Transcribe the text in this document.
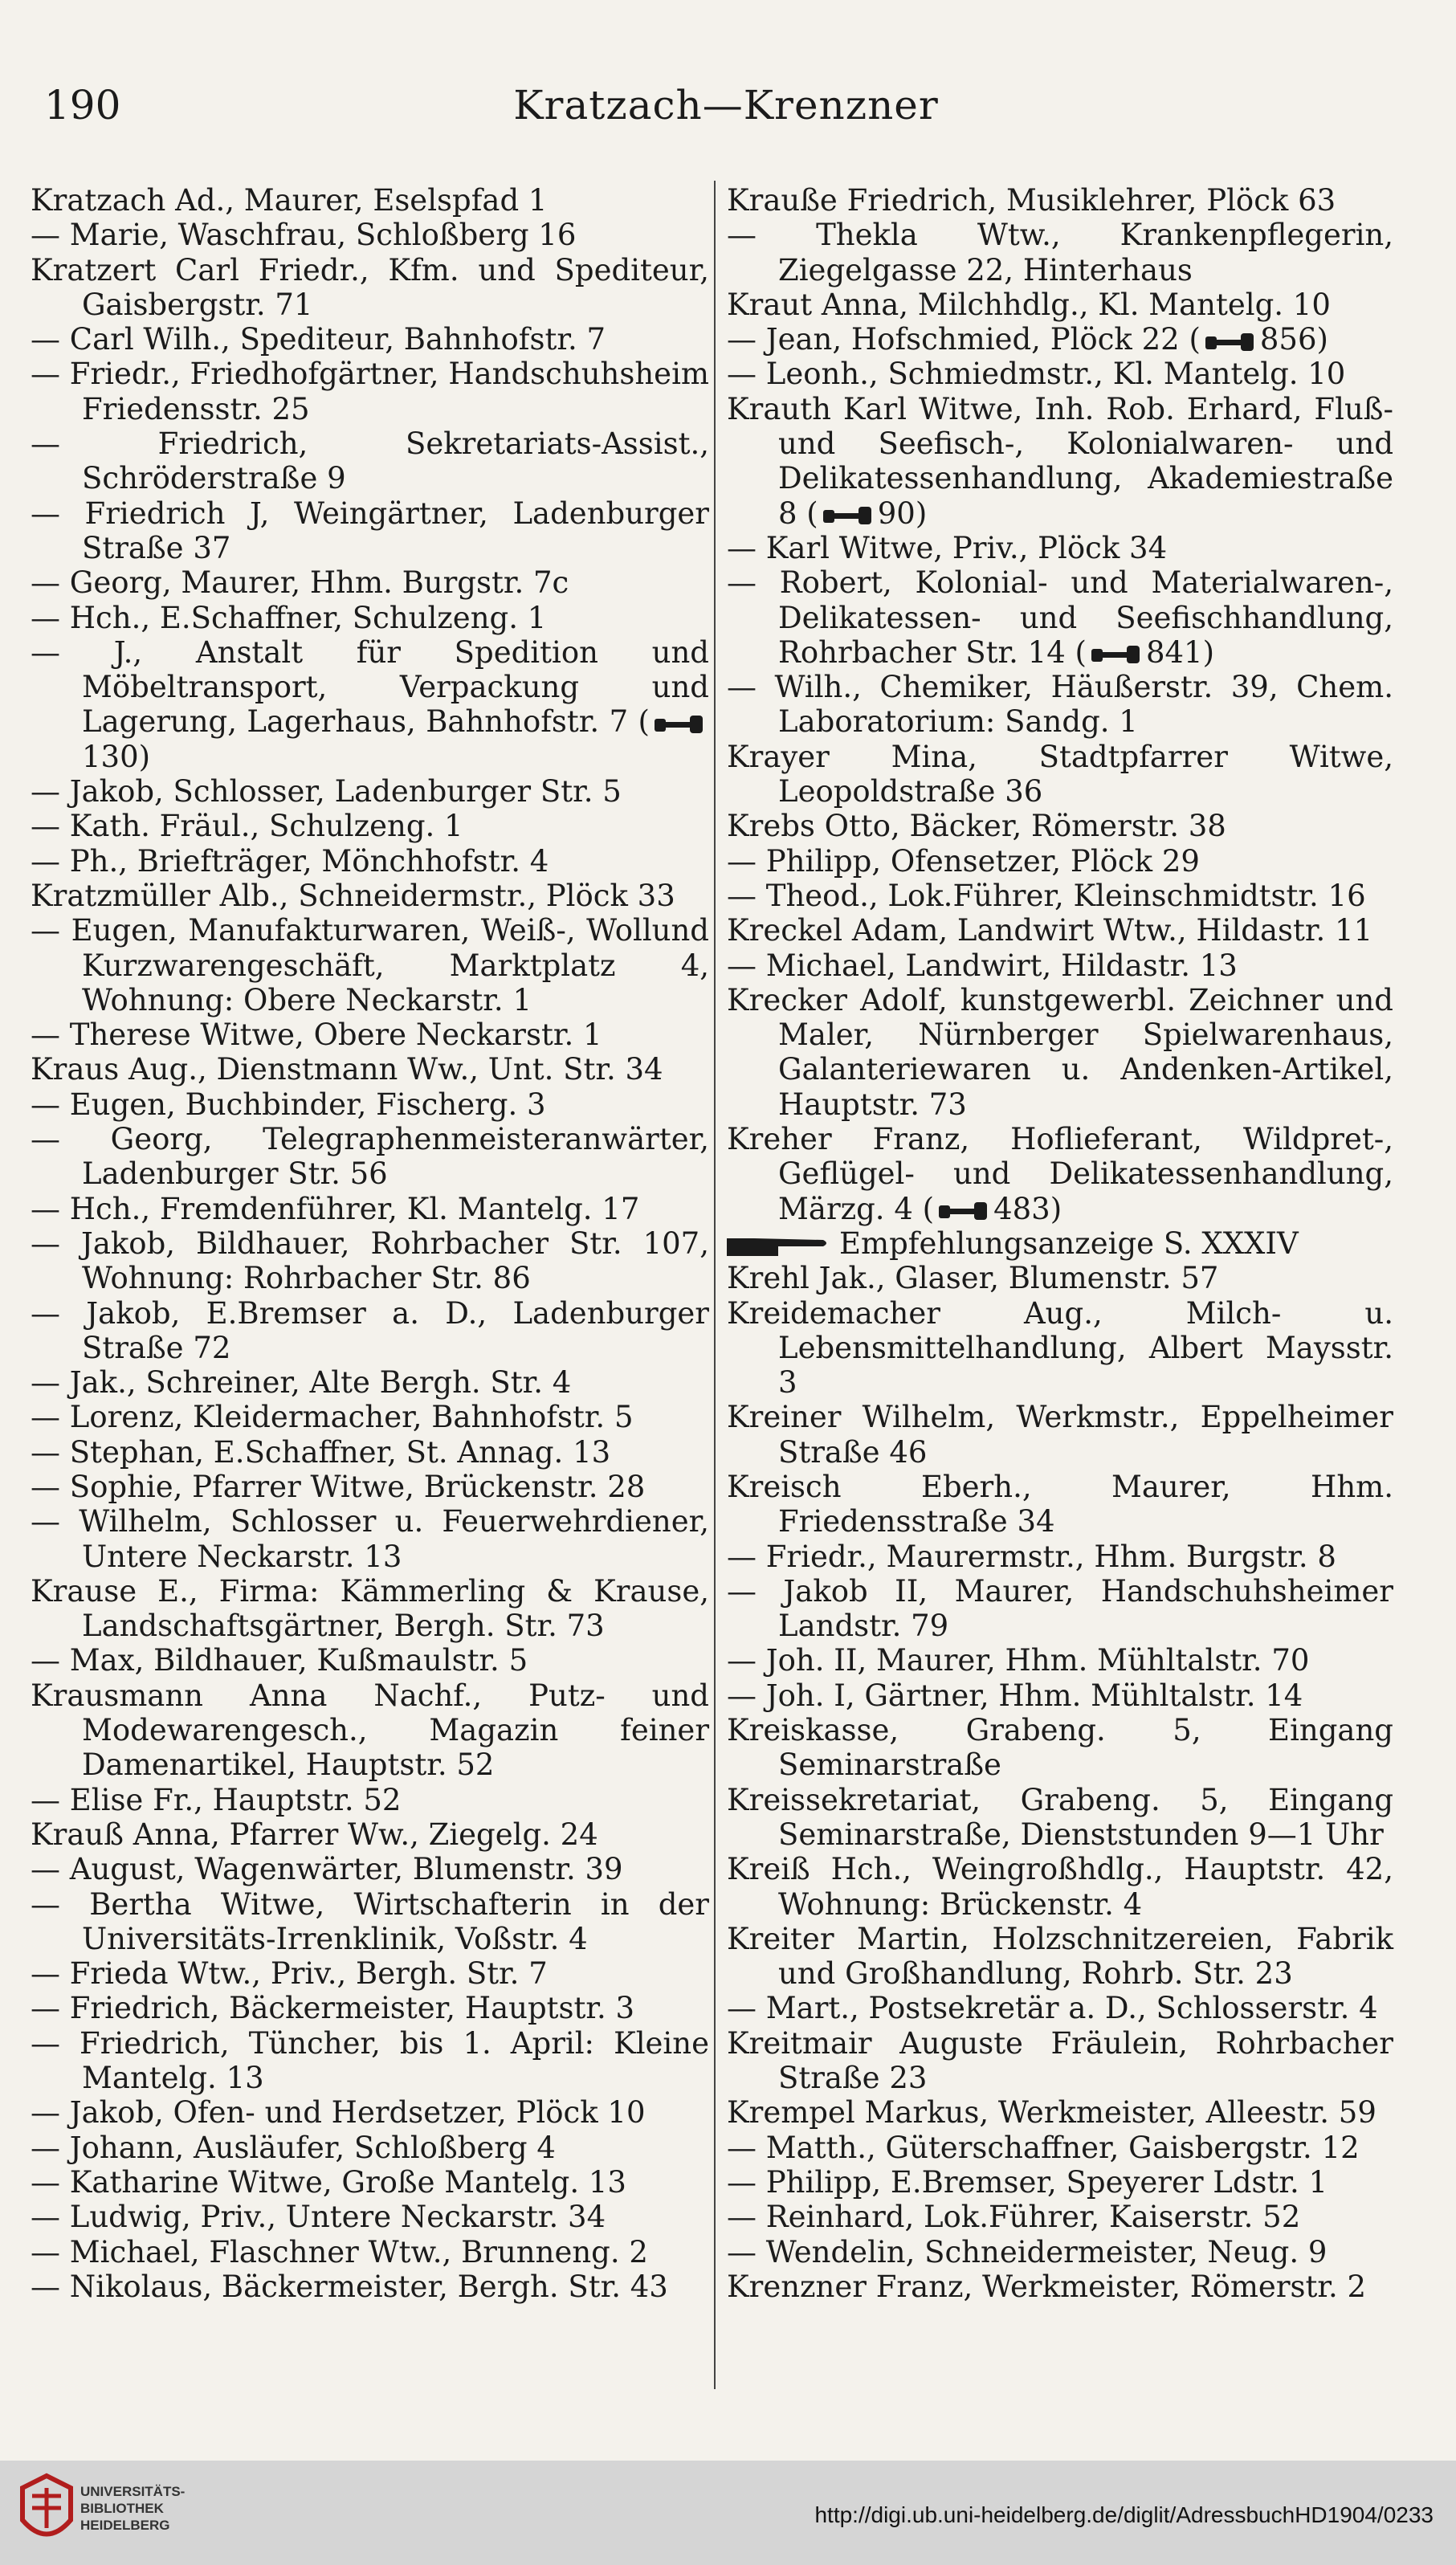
190	Kratzach—Krenzner
Kratzach Ad., Maurer, Eselspfad 1
— Marie, Waschfrau, Schloßberg 16
Kratzert Carl Friedr., Kfm. und Spediteur, Gaisbergstr. 71
— Carl Wilh., Spediteur, Bahnhofstr. 7
— Friedr., Friedhofgärtner, Handschuhsheim Friedensstr. 25
— Friedrich, Sekretariats-Assist., Schröderstraße 9
— Friedrich J, Weingärtner, Ladenburger Straße 37
— Georg, Maurer, Hhm. Burgstr. 7c
— Hch., E.Schaffner, Schulzeng. 1
— J., Anstalt für Spedition und Möbeltransport, Verpackung und Lagerung, Lagerhaus, Bahnhofstr. 7 (130)
— Jakob, Schlosser, Ladenburger Str. 5
— Kath. Fräul., Schulzeng. 1
— Ph., Briefträger, Mönchhofstr. 4
Kratzmüller Alb., Schneidermstr., Plöck 33
— Eugen, Manufakturwaren, Weiß-, Wollund Kurzwarengeschäft, Marktplatz 4, Wohnung: Obere Neckarstr. 1
— Therese Witwe, Obere Neckarstr. 1
Kraus Aug., Dienstmann Ww., Unt. Str. 34
— Eugen, Buchbinder, Fischerg. 3
— Georg, Telegraphenmeisteranwärter, Ladenburger Str. 56
— Hch., Fremdenführer, Kl. Mantelg. 17
— Jakob, Bildhauer, Rohrbacher Str. 107, Wohnung: Rohrbacher Str. 86
— Jakob, E.Bremser a. D., Ladenburger Straße 72
— Jak., Schreiner, Alte Bergh. Str. 4
— Lorenz, Kleidermacher, Bahnhofstr. 5
— Stephan, E.Schaffner, St. Annag. 13
— Sophie, Pfarrer Witwe, Brückenstr. 28
— Wilhelm, Schlosser u. Feuerwehrdiener, Untere Neckarstr. 13
Krause E., Firma: Kämmerling & Krause, Landschaftsgärtner, Bergh. Str. 73
— Max, Bildhauer, Kußmaulstr. 5
Krausmann Anna Nachf., Putz- und Modewarengesch., Magazin feiner Damenartikel, Hauptstr. 52
— Elise Fr., Hauptstr. 52
Krauß Anna, Pfarrer Ww., Ziegelg. 24
— August, Wagenwärter, Blumenstr. 39
— Bertha Witwe, Wirtschafterin in der Universitäts-Irrenklinik, Voßstr. 4
— Frieda Wtw., Priv., Bergh. Str. 7
— Friedrich, Bäckermeister, Hauptstr. 3
— Friedrich, Tüncher, bis 1. April: Kleine Mantelg. 13
— Jakob, Ofen- und Herdsetzer, Plöck 10
— Johann, Ausläufer, Schloßberg 4
— Katharine Witwe, Große Mantelg. 13
— Ludwig, Priv., Untere Neckarstr. 34
— Michael, Flaschner Wtw., Brunneng. 2
— Nikolaus, Bäckermeister, Bergh. Str. 43
Kraußе Friedrich, Musiklehrer, Plöck 63
— Thekla Wtw., Krankenpflegerin, Ziegelgasse 22, Hinterhaus
Kraut Anna, Milchhdlg., Kl. Mantelg. 10
— Jean, Hofschmied, Plöck 22 ( 856)
— Leonh., Schmiedmstr., Kl. Mantelg. 10
Krauth Karl Witwe, Inh. Rob. Erhard, Fluß- und Seefisch-, Kolonialwaren- und Delikatessenhandlung, Akademiestraße 8 ( 90)
— Karl Witwe, Priv., Plöck 34
— Robert, Kolonial- und Materialwaren-, Delikatessen- und Seefischhandlung, Rohrbacher Str. 14 ( 841)
— Wilh., Chemiker, Häußerstr. 39, Chem. Laboratorium: Sandg. 1
Krayer Mina, Stadtpfarrer Witwe, Leopoldstraße 36
Krebs Otto, Bäcker, Römerstr. 38
— Philipp, Ofensetzer, Plöck 29
— Theod., Lok.Führer, Kleinschmidtstr. 16
Kreckel Adam, Landwirt Wtw., Hildastr. 11
— Michael, Landwirt, Hildastr. 13
Krecker Adolf, kunstgewerbl. Zeichner und Maler, Nürnberger Spielwarenhaus, Galanteriewaren u. Andenken-Artikel, Hauptstr. 73
Kreher Franz, Hoflieferant, Wildpret-, Geflügel- und Delikatessenhandlung, Märzg. 4 ( 483)
Empfehlungsanzeige S. XXXIV
Krehl Jak., Glaser, Blumenstr. 57
Kreidemacher Aug., Milch- u. Lebensmittelhandlung, Albert Maysstr. 3
Kreiner Wilhelm, Werkmstr., Eppelheimer Straße 46
Kreisch Eberh., Maurer, Hhm. Friedensstraße 34
— Friedr., Maurermstr., Hhm. Burgstr. 8
— Jakob II, Maurer, Handschuhsheimer Landstr. 79
— Joh. II, Maurer, Hhm. Mühltalstr. 70
— Joh. I, Gärtner, Hhm. Mühltalstr. 14
Kreiskasse, Grabeng. 5, Eingang Seminarstraße
Kreissekretariat, Grabeng. 5, Eingang Seminarstraße, Dienststunden 9—1 Uhr
Kreiß Hch., Weingroßhdlg., Hauptstr. 42, Wohnung: Brückenstr. 4
Kreiter Martin, Holzschnitzereien, Fabrik und Großhandlung, Rohrb. Str. 23
— Mart., Postsekretär a. D., Schlosserstr. 4
Kreitmair Auguste Fräulein, Rohrbacher Straße 23
Krempel Markus, Werkmeister, Alleestr. 59
— Matth., Güterschaffner, Gaisbergstr. 12
— Philipp, E.Bremser, Speyerer Ldstr. 1
— Reinhard, Lok.Führer, Kaiserstr. 52
— Wendelin, Schneidermeister, Neug. 9
Krenzner Franz, Werkmeister, Römerstr. 2
UNIVERSITÄTS-
BIBLIOTHEK
HEIDELBERG	http://digi.ub.uni-heidelberg.de/diglit/AdressbuchHD1904/0233
